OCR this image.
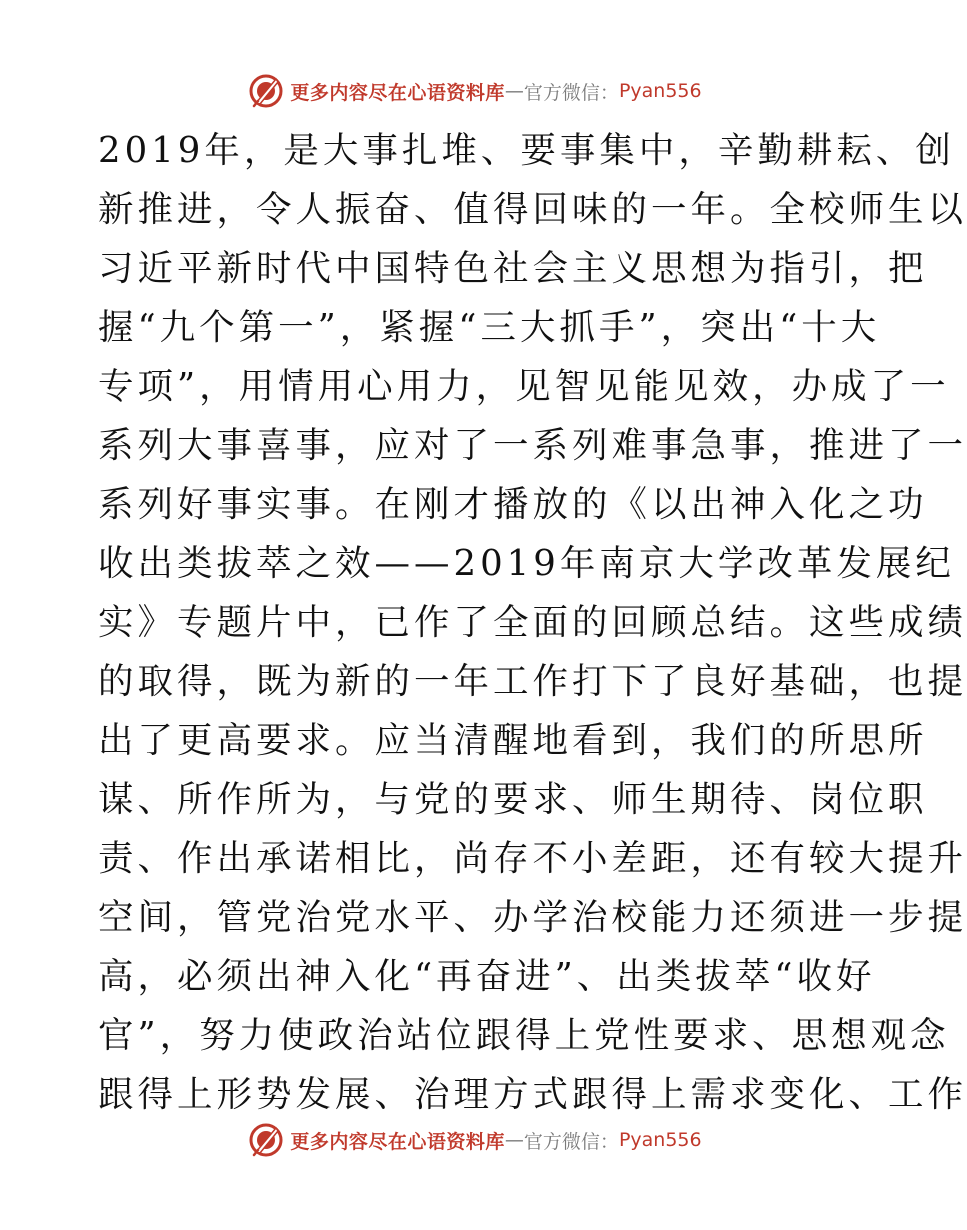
更多内容尽在心语资料库 — 官方微信： Pyan556
2019年，是大事扎堆、要事集中，辛勤耕耘、创
新推进，令人振奋、值得回味的一年。全校师生以
习近平新时代中国特色社会主义思想为指引，把
握“九个第一”，紧握“三大抓手”，突出“十大
专项”，用情用心用力，见智见能见效，办成了一
系列大事喜事，应对了一系列难事急事，推进了一
系列好事实事。在刚才播放的《以出神入化之功
收出类拔萃之效——2019年南京大学改革发展纪
实》专题片中，已作了全面的回顾总结。这些成绩
的取得，既为新的一年工作打下了良好基础，也提
出了更高要求。应当清醒地看到，我们的所思所
谋、所作所为，与党的要求、师生期待、岗位职
责、作出承诺相比，尚存不小差距，还有较大提升
空间，管党治党水平、办学治校能力还须进一步提
高，必须出神入化“再奋进”、出类拔萃“收好
官”，努力使政治站位跟得上党性要求、思想观念
跟得上形势发展、治理方式跟得上需求变化、工作
更多内容尽在心语资料库 — 官方微信： Pyan556
